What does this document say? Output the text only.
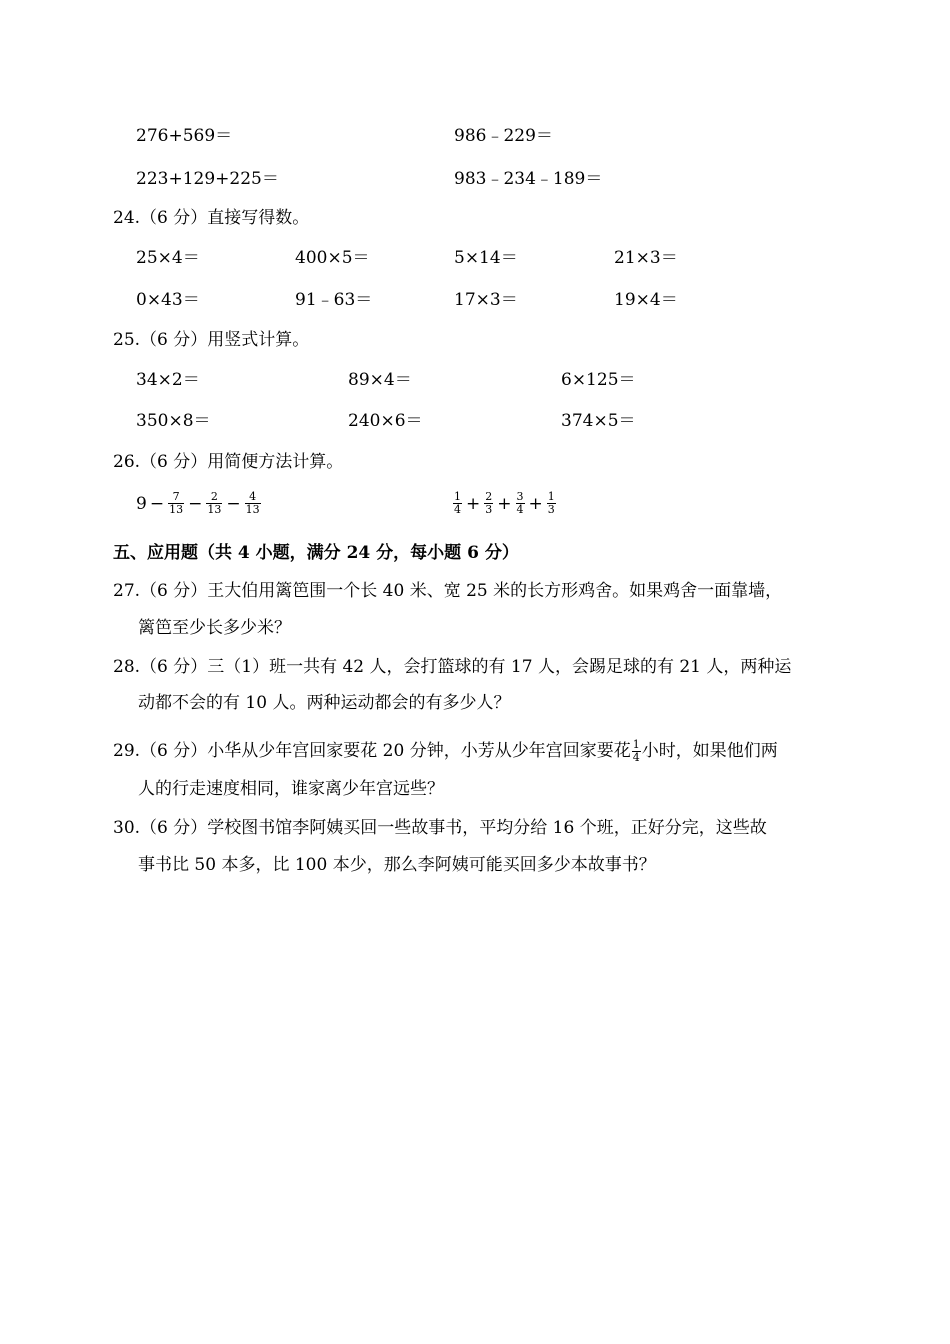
276+569＝	986﹣229＝
223+129+225＝	983﹣234﹣189＝
24.（6 分）直接写得数。
25×4＝	400×5＝	5×14＝	21×3＝
0×43＝	91﹣63＝	17×3＝	19×4＝
25.（6 分）用竖式计算。
34×2＝	89×4＝	6×125＝
350×8＝	240×6＝	374×5＝
26.（6 分）用简便方法计算。
$9 - \frac{7}{13} - \frac{2}{13} - \frac{4}{13}$	$\frac{1}{4} + \frac{2}{3} + \frac{3}{4} + \frac{1}{3}$
五、应用题（共 4 小题，满分 24 分，每小题 6 分）
27.（6 分）王大伯用篱笆围一个长 40 米、宽 25 米的长方形鸡舍。如果鸡舍一面靠墙，
篱笆至少长多少米？
28.（6 分）三（1）班一共有 42 人，会打篮球的有 17 人，会踢足球的有 21 人，两种运
动都不会的有 10 人。两种运动都会的有多少人？
29.（6 分）小华从少年宫回家要花 20 分钟，小芳从少年宫回家要花 $\frac{1}{4}$ 小时，如果他们两
人的行走速度相同，谁家离少年宫远些？
30.（6 分）学校图书馆李阿姨买回一些故事书，平均分给 16 个班，正好分完，这些故
事书比 50 本多，比 100 本少，那么李阿姨可能买回多少本故事书？
